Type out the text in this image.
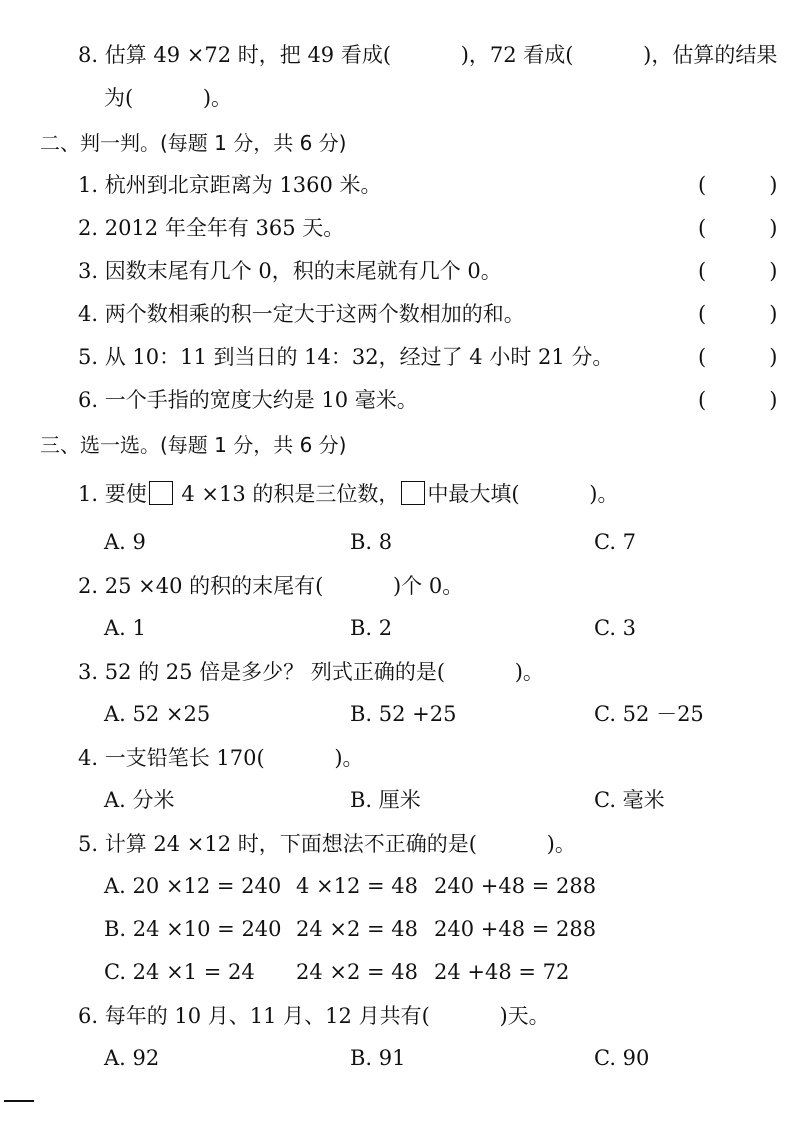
8. 估算 49 ×72 时，把 49 看成(　　　 )，72 看成(　　　 )，估算的结果
为(　　　 )。
二、判一判。(每题 1 分，共 6 分)
1. 杭州到北京距离为 1360 米。	(　　　)
2. 2012 年全年有 365 天。	(　　　)
3. 因数末尾有几个 0，积的末尾就有几个 0。	(　　　)
4. 两个数相乘的积一定大于这两个数相加的和。	(　　　)
5. 从 10：11 到当日的 14：32，经过了 4 小时 21 分。	(　　　)
6. 一个手指的宽度大约是 10 毫米。	(　　　)
三、选一选。(每题 1 分，共 6 分)
1. 要使 4 ×13 的积是三位数， 中最大填(　　　 )。
A. 9	B. 8	C. 7
2. 25 ×40 的积的末尾有(　　　 )个 0。
A. 1	B. 2	C. 3
3. 52 的 25 倍是多少？ 列式正确的是(　　　 )。
A. 52 ×25	B. 52 +25	C. 52 －25
4. 一支铅笔长 170(　　　 )。
A. 分米	B. 厘米	C. 毫米
5. 计算 24 ×12 时，下面想法不正确的是(　　　 )。
A. 20 ×12 = 240 4 ×12 = 48 240 +48 = 288
B. 24 ×10 = 240 24 ×2 = 48 240 +48 = 288
C. 24 ×1 = 24 24 ×2 = 48 24 +48 = 72
6. 每年的 10 月、11 月、12 月共有(　　　 )天。
A. 92	B. 91	C. 90
